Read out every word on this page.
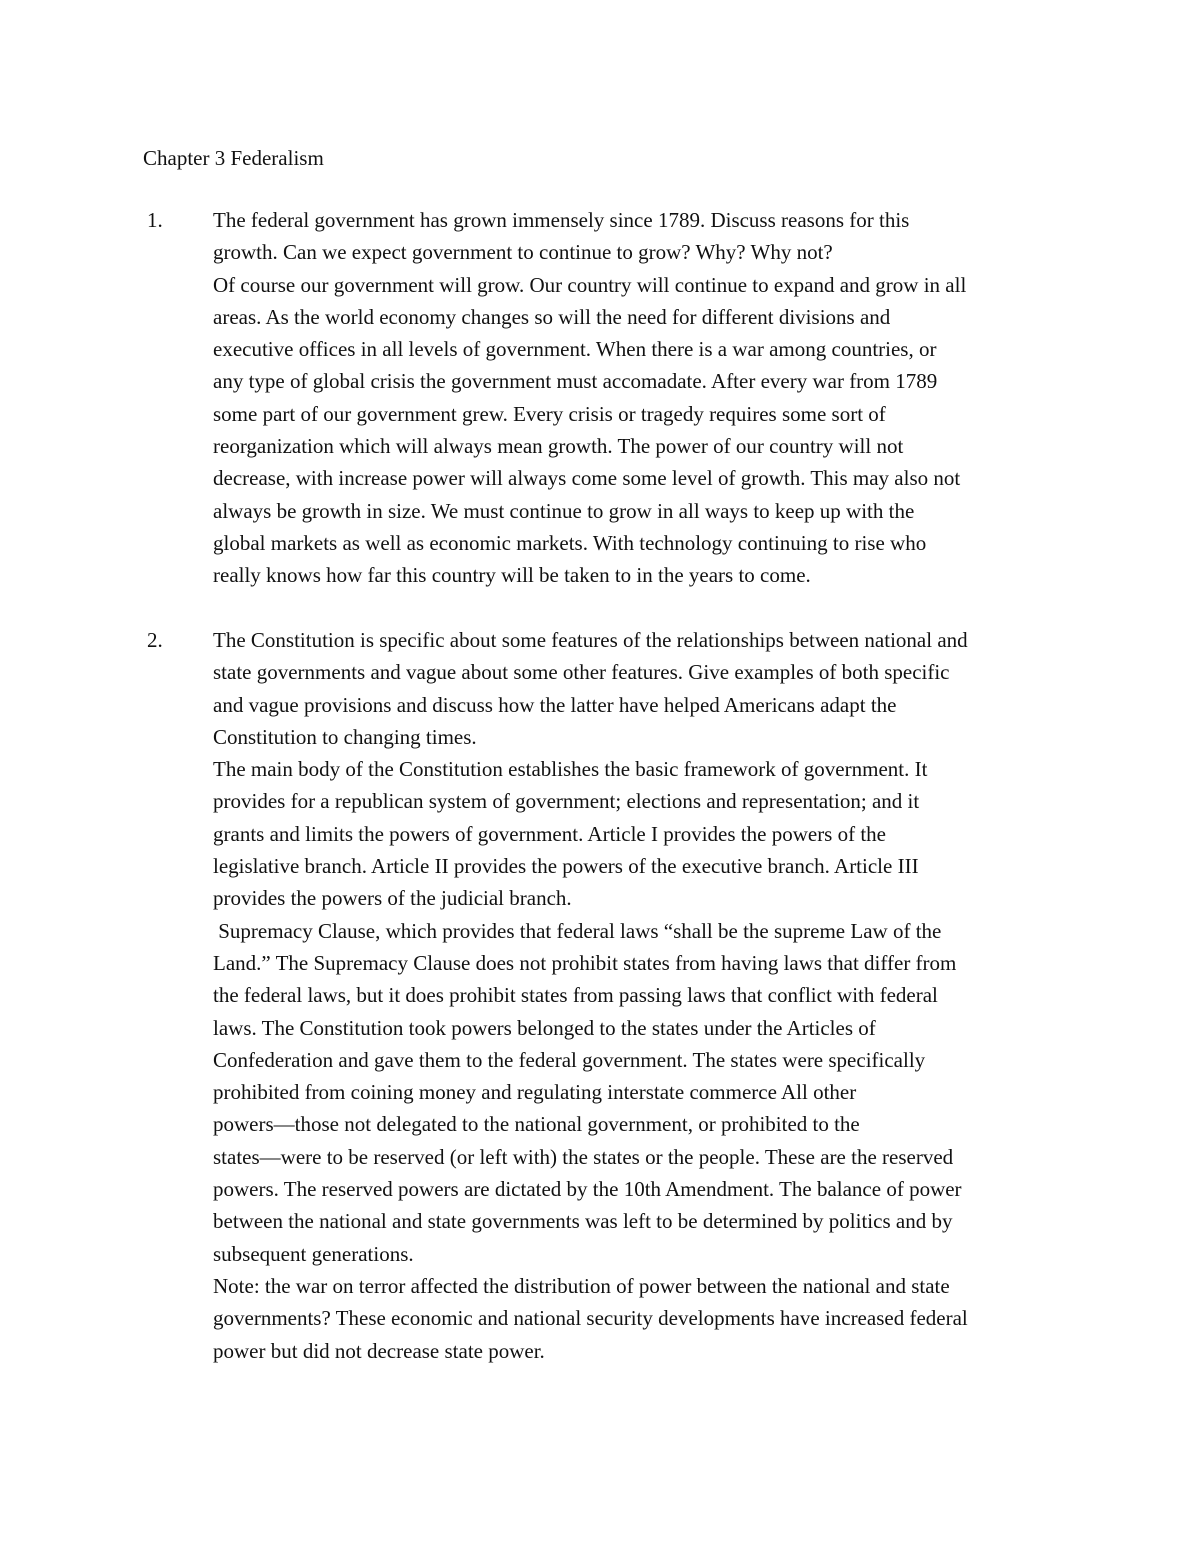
Chapter 3 Federalism
1. The federal government has grown immensely since 1789. Discuss reasons for this
growth. Can we expect government to continue to grow? Why? Why not?
Of course our government will grow. Our country will continue to expand and grow in all
areas. As the world economy changes so will the need for different divisions and
executive offices in all levels of government. When there is a war among countries, or
any type of global crisis the government must accomadate. After every war from 1789
some part of our government grew. Every crisis or tragedy requires some sort of
reorganization which will always mean growth. The power of our country will not
decrease, with increase power will always come some level of growth. This may also not
always be growth in size. We must continue to grow in all ways to keep up with the
global markets as well as economic markets. With technology continuing to rise who
really knows how far this country will be taken to in the years to come.
2. The Constitution is specific about some features of the relationships between national and
state governments and vague about some other features. Give examples of both specific
and vague provisions and discuss how the latter have helped Americans adapt the
Constitution to changing times.
The main body of the Constitution establishes the basic framework of government. It
provides for a republican system of government; elections and representation; and it
grants and limits the powers of government. Article I provides the powers of the
legislative branch. Article II provides the powers of the executive branch. Article III
provides the powers of the judicial branch.
Supremacy Clause, which provides that federal laws “shall be the supreme Law of the
Land.” The Supremacy Clause does not prohibit states from having laws that differ from
the federal laws, but it does prohibit states from passing laws that conflict with federal
laws. The Constitution took powers belonged to the states under the Articles of
Confederation and gave them to the federal government. The states were specifically
prohibited from coining money and regulating interstate commerce All other
powers—those not delegated to the national government, or prohibited to the
states—were to be reserved (or left with) the states or the people. These are the reserved
powers. The reserved powers are dictated by the 10th Amendment. The balance of power
between the national and state governments was left to be determined by politics and by
subsequent generations.
Note: the war on terror affected the distribution of power between the national and state
governments? These economic and national security developments have increased federal
power but did not decrease state power.
